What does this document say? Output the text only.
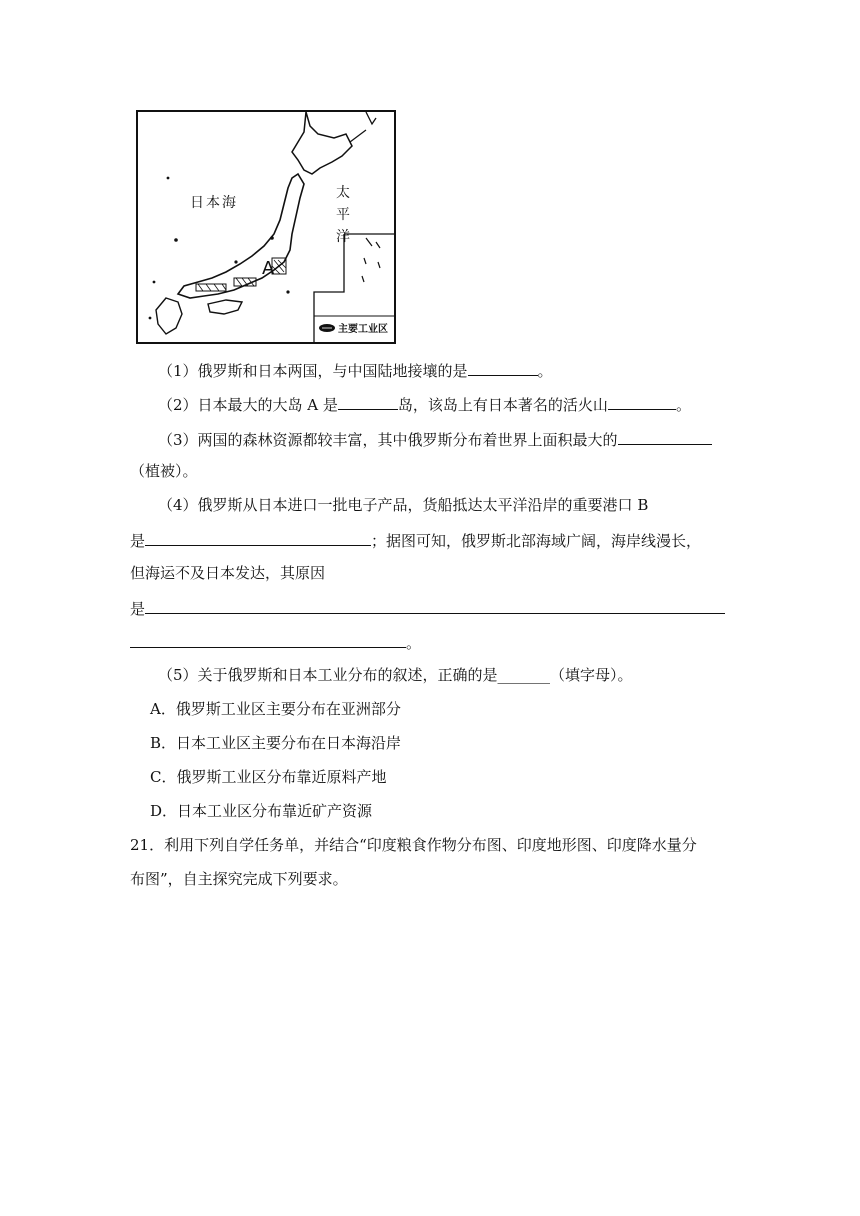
日本海
太平洋
A
主要工业区
（1）俄罗斯和日本两国，与中国陆地接壤的是	。
（2）日本最大的大岛 A 是	岛，该岛上有日本著名的活火山	。
（3）两国的森林资源都较丰富，其中俄罗斯分布着世界上面积最大的
（植被）。
（4）俄罗斯从日本进口一批电子产品，货船抵达太平洋沿岸的重要港口 B
是	；据图可知，俄罗斯北部海域广阔，海岸线漫长，
但海运不及日本发达，其原因
是
。
（5）关于俄罗斯和日本工业分布的叙述，正确的是_______（填字母）。
A．俄罗斯工业区主要分布在亚洲部分
B．日本工业区主要分布在日本海沿岸
C．俄罗斯工业区分布靠近原料产地
D．日本工业区分布靠近矿产资源
21．利用下列自学任务单，并结合“印度粮食作物分布图、印度地形图、印度降水量分
布图”，自主探究完成下列要求。
